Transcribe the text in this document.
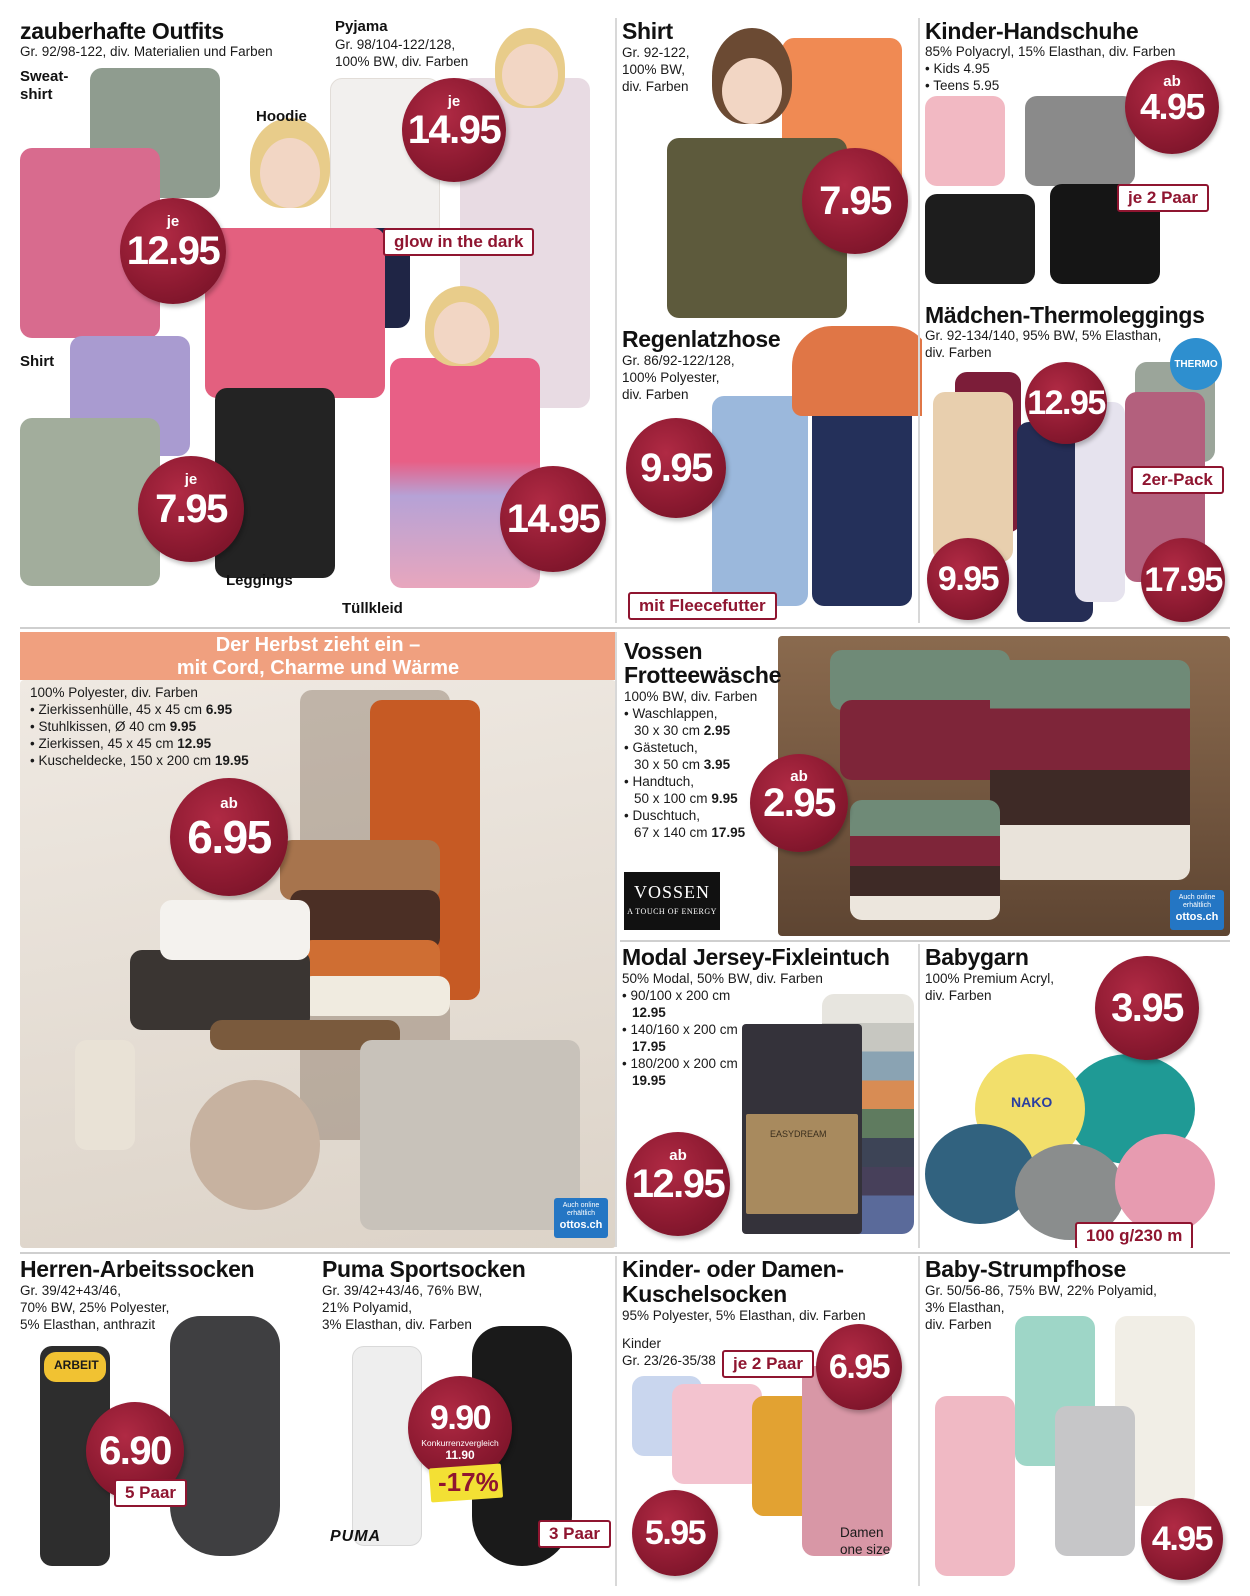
zauberhafte Outfits
Gr. 92/98-122, div. Materialien und Farben
Sweat-
shirt
Hoodie
Shirt
Leggings
Tüllkleid
Pyjama
Gr. 98/104-122/128,
100% BW, div. Farben
glow in the dark
je
12.95
je
14.95
je
7.95	14.95
Shirt
Gr. 92-122,
100% BW,
div. Farben
7.95
Kinder-Handschuhe
85% Polyacryl, 15% Elasthan, div. Farben
• Kids 4.95
• Teens 5.95	ab
4.95
je 2 Paar
Regenlatzhose
Gr. 86/92-122/128,
100% Polyester,
div. Farben
9.95
mit Fleecefutter
Mädchen-Thermoleggings
Gr. 92-134/140, 95% BW, 5% Elasthan,
div. Farben
12.95
9.95	17.95
2er-Pack
THERMO
Der Herbst zieht ein –
mit Cord, Charme und Wärme
100% Polyester, div. Farben
• Zierkissenhülle, 45 x 45 cm 6.95
• Stuhlkissen, Ø 40 cm 9.95
• Zierkissen, 45 x 45 cm 12.95
• Kuscheldecke, 150 x 200 cm 19.95
ab
6.95
Auch online erhältlich
ottos.ch
Vossen
Frotteewäsche
100% BW, div. Farben
• Waschlappen,
30 x 30 cm 2.95
• Gästetuch,
30 x 50 cm 3.95
• Handtuch,
50 x 100 cm 9.95
• Duschtuch,
67 x 140 cm 17.95
ab
2.95
VOSSEN
A TOUCH OF ENERGY
Auch online erhältlich
ottos.ch
EASYDREAM
Modal Jersey-Fixleintuch
50% Modal, 50% BW, div. Farben
• 90/100 x 200 cm
12.95
• 140/160 x 200 cm
17.95
• 180/200 x 200 cm
19.95
ab
12.95
NAKO
Babygarn
100% Premium Acryl,
div. Farben	3.95
100 g/230 m
ARBEIT
Herren-Arbeitssocken
Gr. 39/42+43/46,
70% BW, 25% Polyester,
5% Elasthan, anthrazit
6.90
5 Paar
Puma Sportsocken
Gr. 39/42+43/46, 76% BW,
21% Polyamid,
3% Elasthan, div. Farben
9.90
Konkurrenzvergleich
11.90
-17%
3 Paar
PUMA
Kinder- oder Damen-
Kuschelsocken
95% Polyester, 5% Elasthan, div. Farben
Kinder
Gr. 23/26-35/38	je 2 Paar 6.95
5.95	Damen
one size
Baby-Strumpfhose
Gr. 50/56-86, 75% BW, 22% Polyamid,
3% Elasthan,
div. Farben
4.95
